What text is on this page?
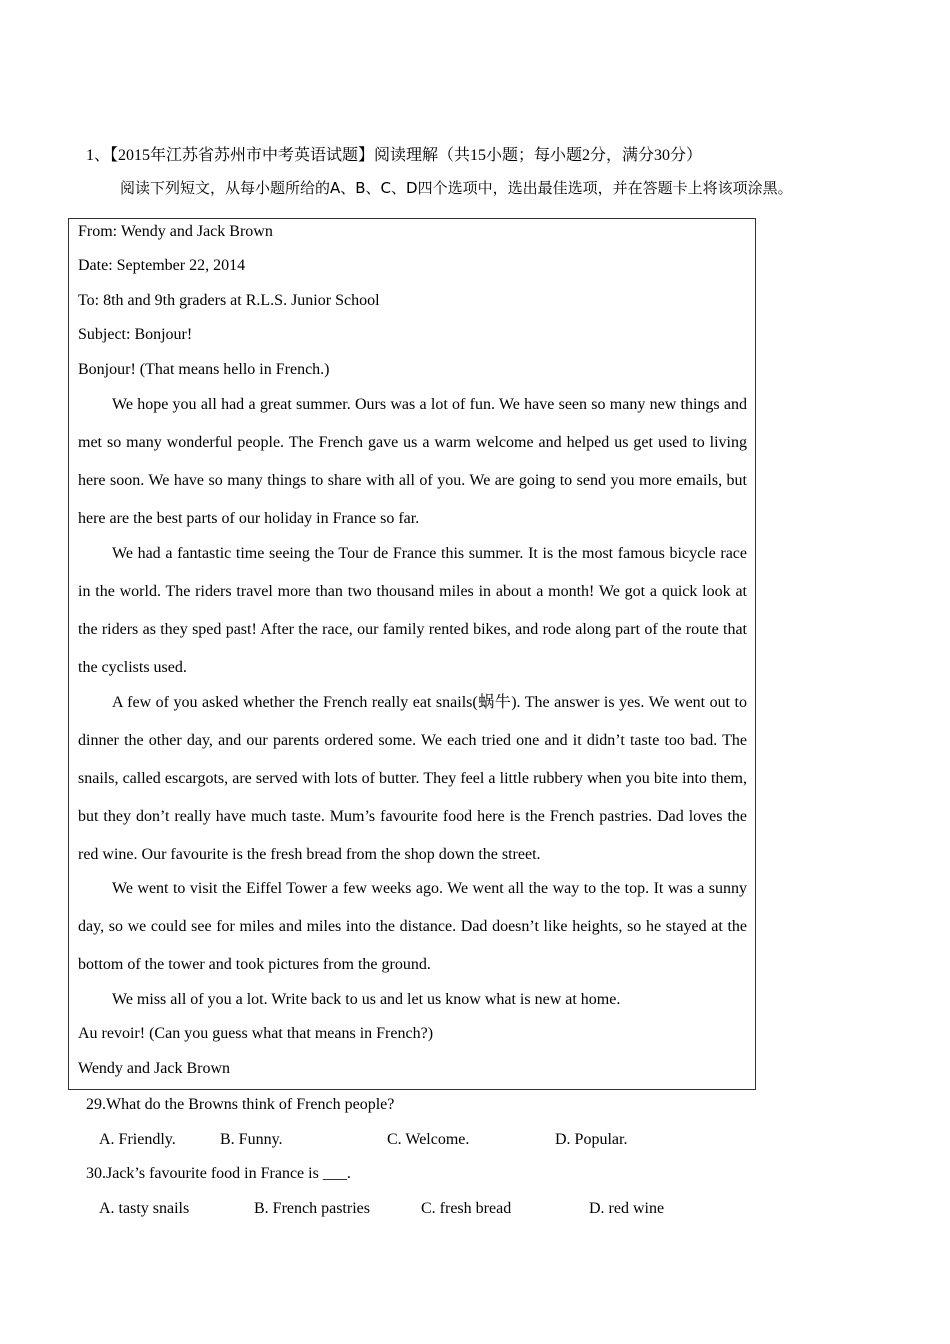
1、【2015年江苏省苏州市中考英语试题】阅读理解（共15小题；每小题2分，满分30分）
阅读下列短文，从每小题所给的A、B、C、D四个选项中，选出最佳选项，并在答题卡上将该项涂黑。
From: Wendy and Jack Brown
Date: September 22, 2014
To: 8th and 9th graders at R.L.S. Junior School
Subject: Bonjour!
Bonjour! (That means hello in French.)

We hope you all had a great summer. Ours was a lot of fun. We have seen so many new things and met so many wonderful people. The French gave us a warm welcome and helped us get used to living here soon. We have so many things to share with all of you. We are going to send you more emails, but here are the best parts of our holiday in France so far.

We had a fantastic time seeing the Tour de France this summer. It is the most famous bicycle race in the world. The riders travel more than two thousand miles in about a month! We got a quick look at the riders as they sped past! After the race, our family rented bikes, and rode along part of the route that the cyclists used.

A few of you asked whether the French really eat snails(蜗牛). The answer is yes. We went out to dinner the other day, and our parents ordered some. We each tried one and it didn’t taste too bad. The snails, called escargots, are served with lots of butter. They feel a little rubbery when you bite into them, but they don’t really have much taste. Mum’s favourite food here is the French pastries. Dad loves the red wine. Our favourite is the fresh bread from the shop down the street.

We went to visit the Eiffel Tower a few weeks ago. We went all the way to the top. It was a sunny day, so we could see for miles and miles into the distance. Dad doesn’t like heights, so he stayed at the bottom of the tower and took pictures from the ground.

We miss all of you a lot. Write back to us and let us know what is new at home.

Au revoir! (Can you guess what that means in French?)
Wendy and Jack Brown
29.What do the Browns think of French people?
A. Friendly.	B. Funny.	C. Welcome.	D. Popular.
30.Jack’s favourite food in France is ___.
A. tasty snails	B. French pastries	C. fresh bread	D. red wine
